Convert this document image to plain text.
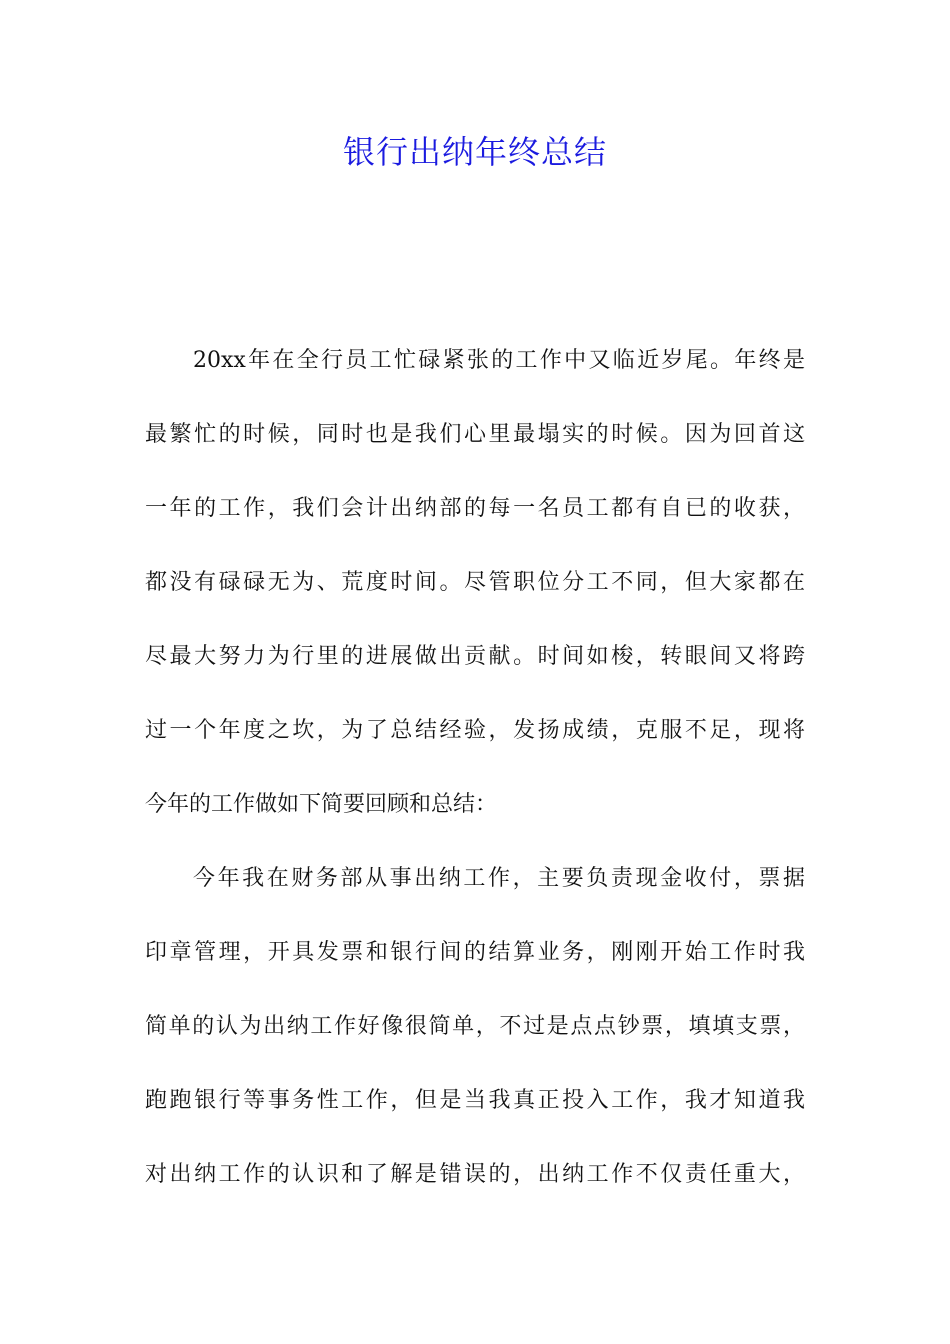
银行出纳年终总结
20xx年在全行员工忙碌紧张的工作中又临近岁尾。年终是
最繁忙的时候，同时也是我们心里最塌实的时候。因为回首这
一年的工作，我们会计出纳部的每一名员工都有自已的收获，
都没有碌碌无为、荒度时间。尽管职位分工不同，但大家都在
尽最大努力为行里的进展做出贡献。时间如梭，转眼间又将跨
过一个年度之坎，为了总结经验，发扬成绩，克服不足，现将
今年的工作做如下简要回顾和总结：
今年我在财务部从事出纳工作，主要负责现金收付，票据
印章管理，开具发票和银行间的结算业务，刚刚开始工作时我
简单的认为出纳工作好像很简单，不过是点点钞票，填填支票，
跑跑银行等事务性工作，但是当我真正投入工作，我才知道我
对出纳工作的认识和了解是错误的，出纳工作不仅责任重大，
